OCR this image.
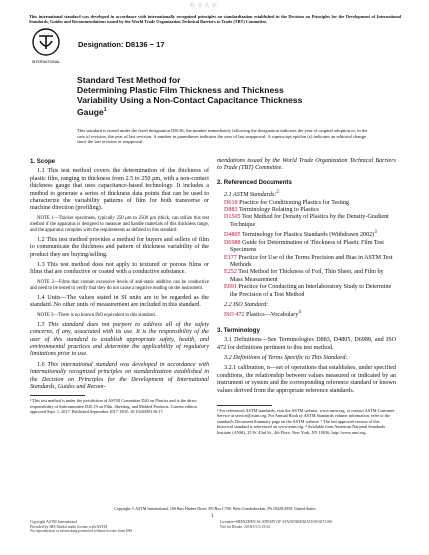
购 业 从 获
This international standard was developed in accordance with internationally recognized principles on standardization established in the Decision on Principles for the Development of International Standards, Guides and Recommendations issued by the World Trade Organization Technical Barriers to Trade (TBT) Committee.
INTERNATIONAL
Designation: D8136 − 17
Standard Test Method for
Determining Plastic Film Thickness and Thickness
Variability Using a Non-Contact Capacitance Thickness
Gauge$^1$
This standard is issued under the fixed designation D8136; the number immediately following the designation indicates the year of original adoption or, in the case of revision, the year of last revision. A number in parentheses indicates the year of last reapproval. A superscript epsilon (ε) indicates an editorial change since the last revision or reapproval.
1. Scope

1.1 This test method covers the determination of the thickness of plastic film, ranging in thickness from 2.5 to 250 μm, with a non-contact thickness gauge that uses capacitance-based technology. It includes a method to generate a series of thickness data points that can be used to characterize the variability patterns of film for both transverse or machine direction (profiling).

NOTE 1—Thicker specimens, typically 250 μm to 2500 μm (thick, can utilize this test method if the apparatus is designed to measure and handle materials of this thickness range, and the apparatus complies with the requirements as defined in this standard.

1.2 This test method provides a method for buyers and sellers of film to communicate the thickness and pattern of thickness variability of the product they are buying/selling.

1.3 This test method does not apply to textured or porous films or films that are conductive or coated with a conductive substance.

NOTE 2—Films that contain excessive levels of anti-static additive can be conductive and need to be tested to verify that they do not cause a negative reading on the instrument.

1.4 Units—The values stated in SI units are to be regarded as the standard. No other units of measurement are included in this standard.

NOTE 3—There is no known ISO equivalent to this standard.

1.5 This standard does not purport to address all of the safety concerns, if any, associated with its use. It is the responsibility of the user of this standard to establish appropriate safety, health, and environmental practices and determine the applicability of regulatory limitations prior to use.

1.6 This international standard was developed in accordance with internationally recognized principles on standardization established in the Decision on Principles for the Development of International Standards, Guides and Recom-

¹ This test method is under the jurisdiction of ASTM Committee D20 on Plastics and is the direct responsibility of Subcommittee D20.19 on Film, Sheeting, and Molded Products. Current edition approved Sept. 1, 2017. Published September 2017. DOI: 10.1520/D8136-17.

mendations issued by the World Trade Organization Technical Barriers to Trade (TBT) Committee.

2. Referenced Documents
2.1 ASTM Standards:$^2$
D618 Practice for Conditioning Plastics for Testing
D883 Terminology Relating to Plastics
D1505 Test Method for Density of Plastics by the Density-Gradient Technique
D4805 Terminology for Plastics Standards (Withdrawn 2002)$^3$
D6988 Guide for Determination of Thickness of Plastic Film Test Specimens
E177 Practice for Use of the Terms Precision and Bias in ASTM Test Methods
E252 Test Method for Thickness of Foil, Thin Sheet, and Film by Mass Measurement
E691 Practice for Conducting an Interlaboratory Study to Determine the Precision of a Test Method
2.2 ISO Standard:
ISO 472 Plastics—Vocabulary$^4$
3. Terminology

3.1 Definitions—See Terminologies D883, D4805, D6988, and ISO 472 for definitions pertinent to this test method.

3.2 Definitions of Terms Specific to This Standard:

3.2.1 calibration, n—set of operations that establishes, under specified conditions, the relationship between values measured or indicated by an instrument or system and the corresponding reference standard or known values derived from the appropriate reference standards.

² For referenced ASTM standards, visit the ASTM website, www.astm.org, or contact ASTM Customer Service at service@astm.org. For Annual Book of ASTM Standards volume information, refer to the standard's Document Summary page on the ASTM website. ³ The last approved version of this historical standard is referenced on www.astm.org. ⁴ Available from American National Standards Institute (ANSI), 25 W. 43rd St., 4th Floor, New York, NY 10036, http://www.ansi.org.
Copyright © ASTM International, 100 Barr Harbor Drive, PO Box C700, West Conshohocken, PA 19428-2959. United States
1
Copyright ASTM International
Provided by IHS Markit under license with ASTM
No reproduction or networking permitted without license from IHS
Licensee=SHENZHEN ACADEMY OF STANDARDIZATION 6072106
Not for Resale, 2018/1/3 3:15:52
